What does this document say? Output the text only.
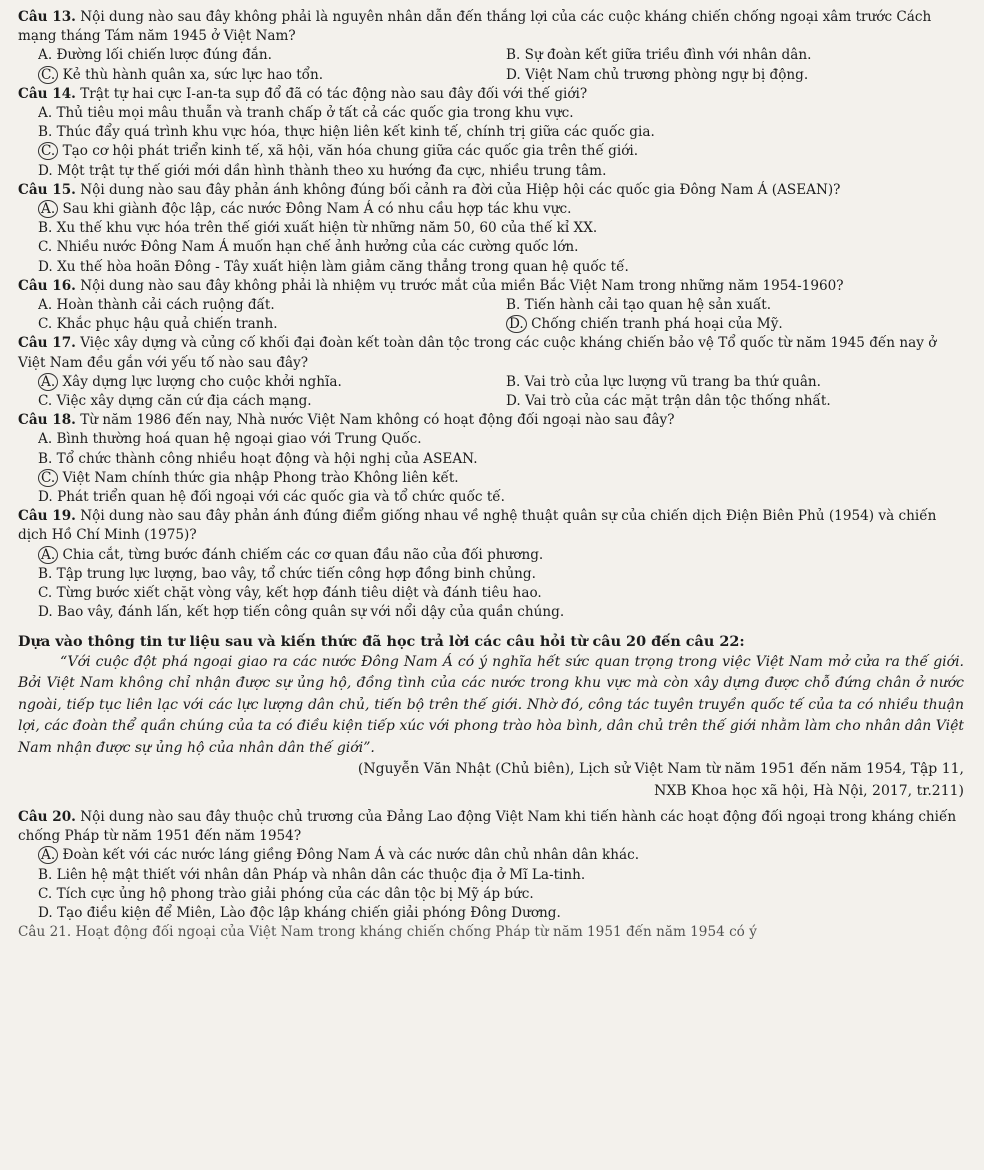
Câu 13. Nội dung nào sau đây không phải là nguyên nhân dẫn đến thắng lợi của các cuộc kháng chiến chống ngoại xâm trước Cách mạng tháng Tám năm 1945 ở Việt Nam?

A. Đường lối chiến lược đúng đắn.	B. Sự đoàn kết giữa triều đình với nhân dân.
C. Kẻ thù hành quân xa, sức lực hao tổn.	D. Việt Nam chủ trương phòng ngự bị động.

Câu 14. Trật tự hai cực I-an-ta sụp đổ đã có tác động nào sau đây đối với thế giới?

A. Thủ tiêu mọi mâu thuẫn và tranh chấp ở tất cả các quốc gia trong khu vực.
B. Thúc đẩy quá trình khu vực hóa, thực hiện liên kết kinh tế, chính trị giữa các quốc gia.
C. Tạo cơ hội phát triển kinh tế, xã hội, văn hóa chung giữa các quốc gia trên thế giới.
D. Một trật tự thế giới mới dần hình thành theo xu hướng đa cực, nhiều trung tâm.

Câu 15. Nội dung nào sau đây phản ánh không đúng bối cảnh ra đời của Hiệp hội các quốc gia Đông Nam Á (ASEAN)?

A. Sau khi giành độc lập, các nước Đông Nam Á có nhu cầu hợp tác khu vực.
B. Xu thế khu vực hóa trên thế giới xuất hiện từ những năm 50, 60 của thế kỉ XX.
C. Nhiều nước Đông Nam Á muốn hạn chế ảnh hưởng của các cường quốc lớn.
D. Xu thế hòa hoãn Đông - Tây xuất hiện làm giảm căng thẳng trong quan hệ quốc tế.

Câu 16. Nội dung nào sau đây không phải là nhiệm vụ trước mắt của miền Bắc Việt Nam trong những năm 1954-1960?

A. Hoàn thành cải cách ruộng đất.	B. Tiến hành cải tạo quan hệ sản xuất.
C. Khắc phục hậu quả chiến tranh.	D. Chống chiến tranh phá hoại của Mỹ.

Câu 17. Việc xây dựng và củng cố khối đại đoàn kết toàn dân tộc trong các cuộc kháng chiến bảo vệ Tổ quốc từ năm 1945 đến nay ở Việt Nam đều gắn với yếu tố nào sau đây?

A. Xây dựng lực lượng cho cuộc khởi nghĩa.	B. Vai trò của lực lượng vũ trang ba thứ quân.
C. Việc xây dựng căn cứ địa cách mạng.	D. Vai trò của các mặt trận dân tộc thống nhất.

Câu 18. Từ năm 1986 đến nay, Nhà nước Việt Nam không có hoạt động đối ngoại nào sau đây?

A. Bình thường hoá quan hệ ngoại giao với Trung Quốc.
B. Tổ chức thành công nhiều hoạt động và hội nghị của ASEAN.
C. Việt Nam chính thức gia nhập Phong trào Không liên kết.
D. Phát triển quan hệ đối ngoại với các quốc gia và tổ chức quốc tế.

Câu 19. Nội dung nào sau đây phản ánh đúng điểm giống nhau về nghệ thuật quân sự của chiến dịch Điện Biên Phủ (1954) và chiến dịch Hồ Chí Minh (1975)?

A. Chia cắt, từng bước đánh chiếm các cơ quan đầu não của đối phương.
B. Tập trung lực lượng, bao vây, tổ chức tiến công hợp đồng binh chủng.
C. Từng bước xiết chặt vòng vây, kết hợp đánh tiêu diệt và đánh tiêu hao.
D. Bao vây, đánh lấn, kết hợp tiến công quân sự với nổi dậy của quần chúng.
Dựa vào thông tin tư liệu sau và kiến thức đã học trả lời các câu hỏi từ câu 20 đến câu 22:

“Với cuộc đột phá ngoại giao ra các nước Đông Nam Á có ý nghĩa hết sức quan trọng trong việc Việt Nam mở cửa ra thế giới. Bởi Việt Nam không chỉ nhận được sự ủng hộ, đồng tình của các nước trong khu vực mà còn xây dựng được chỗ đứng chân ở nước ngoài, tiếp tục liên lạc với các lực lượng dân chủ, tiến bộ trên thế giới. Nhờ đó, công tác tuyên truyền quốc tế của ta có nhiều thuận lợi, các đoàn thể quần chúng của ta có điều kiện tiếp xúc với phong trào hòa bình, dân chủ trên thế giới nhằm làm cho nhân dân Việt Nam nhận được sự ủng hộ của nhân dân thế giới”.

(Nguyễn Văn Nhật (Chủ biên), Lịch sử Việt Nam từ năm 1951 đến năm 1954, Tập 11,

NXB Khoa học xã hội, Hà Nội, 2017, tr.211)

Câu 20. Nội dung nào sau đây thuộc chủ trương của Đảng Lao động Việt Nam khi tiến hành các hoạt động đối ngoại trong kháng chiến chống Pháp từ năm 1951 đến năm 1954?

A. Đoàn kết với các nước láng giềng Đông Nam Á và các nước dân chủ nhân dân khác.
B. Liên hệ mật thiết với nhân dân Pháp và nhân dân các thuộc địa ở Mĩ La-tinh.
C. Tích cực ủng hộ phong trào giải phóng của các dân tộc bị Mỹ áp bức.
D. Tạo điều kiện để Miên, Lào độc lập kháng chiến giải phóng Đông Dương.
Câu 21. Hoạt động đối ngoại của Việt Nam trong kháng chiến chống Pháp từ năm 1951 đến năm 1954 có ý
